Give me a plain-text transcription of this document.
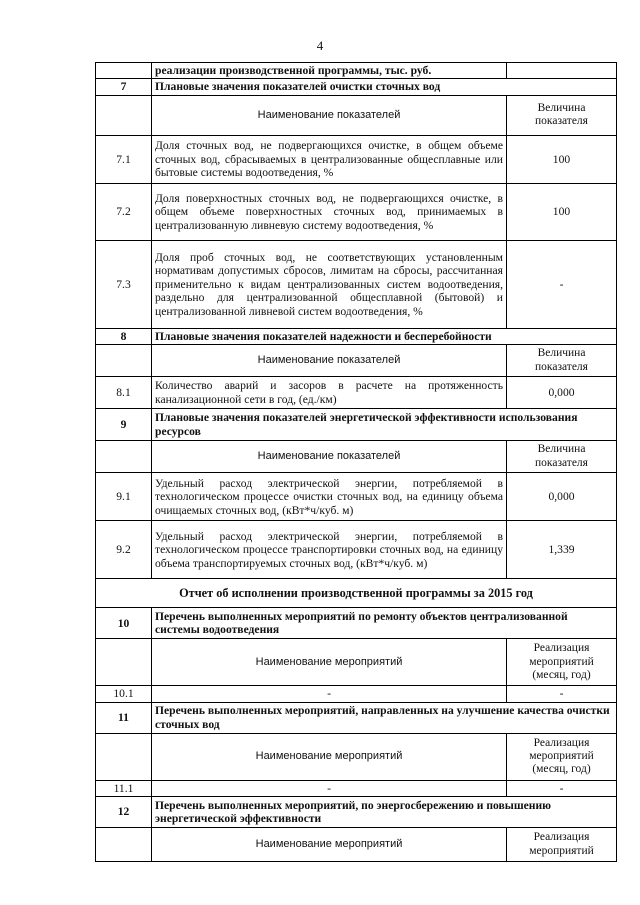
4
	реализации производственной программы, тыс. руб.	
7	Плановые значения показателей очистки сточных вод	
	Наименование показателей	Величина показателя
7.1	Доля сточных вод, не подвергающихся очистке, в общем объеме сточных вод, сбрасываемых в централизованные общесплавные или бытовые системы водоотведения, %	100
7.2	Доля поверхностных сточных вод, не подвергающихся очистке, в общем объеме поверхностных сточных вод, принимаемых в централизованную ливневую систему водоотведения, %	100
7.3	Доля проб сточных вод, не соответствующих установленным нормативам допустимых сбросов, лимитам на сбросы, рассчитанная применительно к видам централизованных систем водоотведения, раздельно для централизованной общесплавной (бытовой) и централизованной ливневой систем водоотведения, %	-
8	Плановые значения показателей надежности и бесперебойности	
	Наименование показателей	Величина показателя
8.1	Количество аварий и засоров в расчете на протяженность канализационной сети в год, (ед./км)	0,000
9	Плановые значения показателей энергетической эффективности использования ресурсов	
	Наименование показателей	Величина показателя
9.1	Удельный расход электрической энергии, потребляемой в технологическом процессе очистки сточных вод, на единицу объема очищаемых сточных вод, (кВт*ч/куб. м)	0,000
9.2	Удельный расход электрической энергии, потребляемой в технологическом процессе транспортировки сточных вод, на единицу объема транспортируемых сточных вод, (кВт*ч/куб. м)	1,339
Отчет об исполнении производственной программы за 2015 год		
10	Перечень выполненных мероприятий по ремонту объектов централизованной системы водоотведения	
	Наименование мероприятий	Реализация мероприятий (месяц, год)
10.1	-	-
11	Перечень выполненных мероприятий, направленных на улучшение качества очистки сточных вод	
	Наименование мероприятий	Реализация мероприятий (месяц, год)
11.1	-	-
12	Перечень выполненных мероприятий, по энергосбережению и повышению энергетической эффективности	
	Наименование мероприятий	Реализация мероприятий
